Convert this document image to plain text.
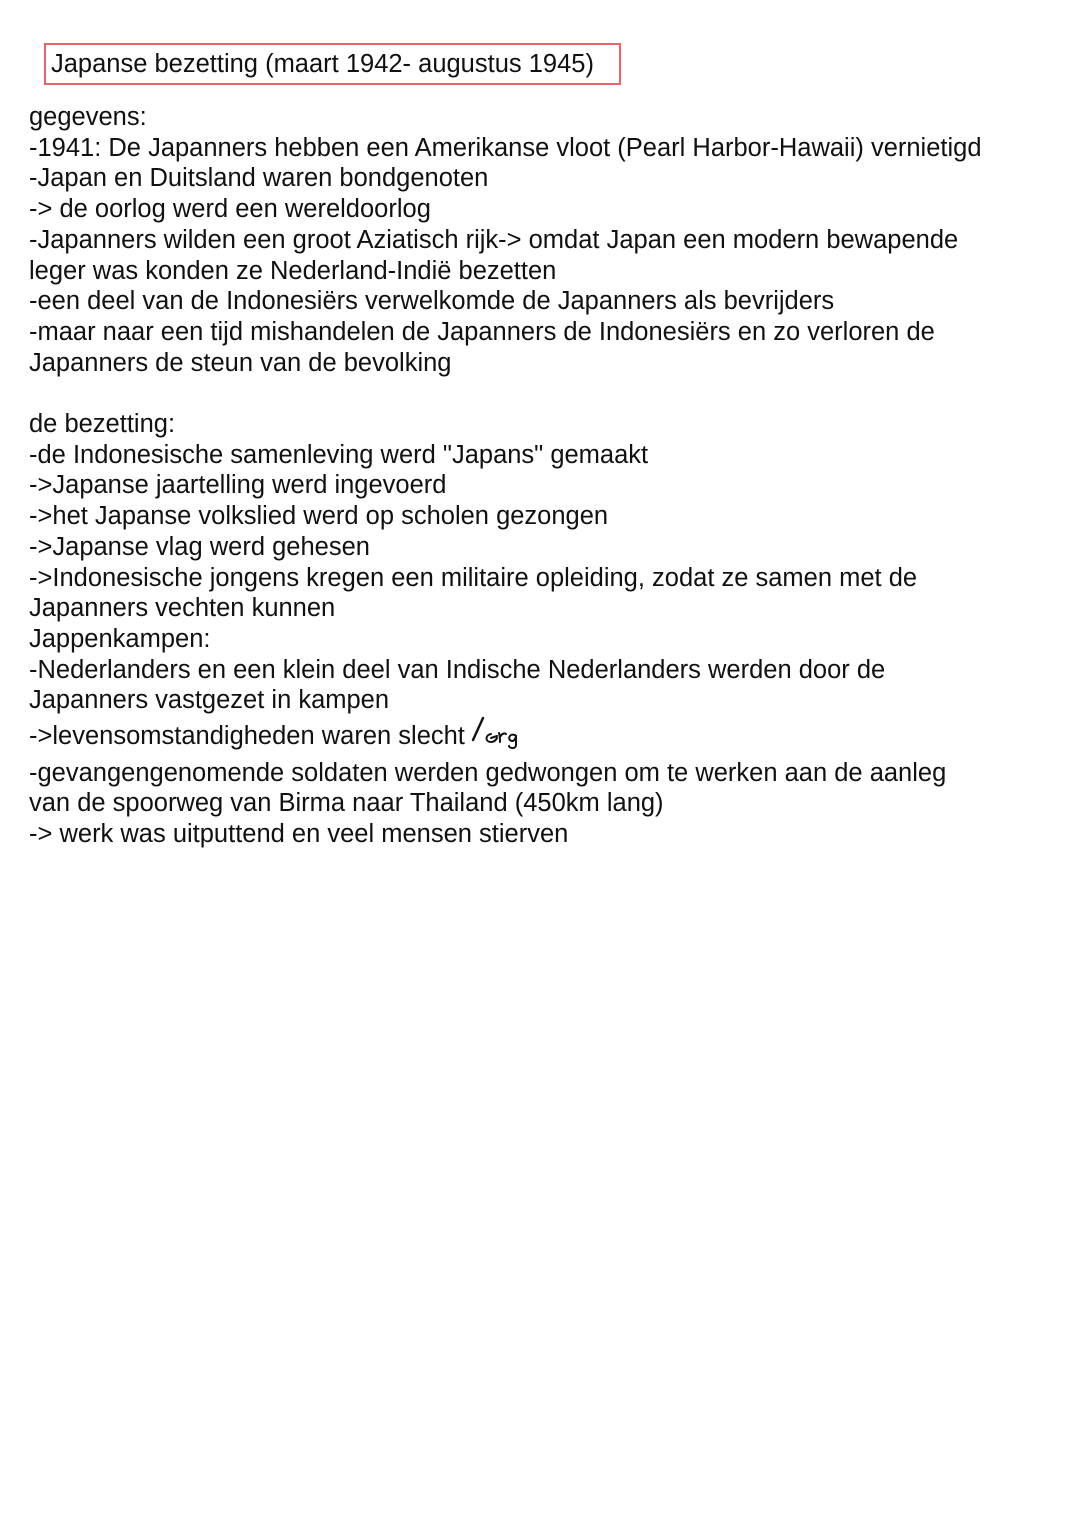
Japanse bezetting (maart 1942- augustus 1945)
gegevens:
-1941: De Japanners hebben een Amerikanse vloot (Pearl Harbor-Hawaii) vernietigd
-Japan en Duitsland waren bondgenoten
-> de oorlog werd een wereldoorlog
-Japanners wilden een groot Aziatisch rijk-> omdat Japan een modern bewapende
leger was konden ze Nederland-Indië bezetten
-een deel van de Indonesiërs verwelkomde de Japanners als bevrijders
-maar naar een tijd mishandelen de Japanners de Indonesiërs en zo verloren de
Japanners de steun van de bevolking
de bezetting:
-de Indonesische samenleving werd "Japans" gemaakt
->Japanse jaartelling werd ingevoerd
->het Japanse volkslied werd op scholen gezongen
->Japanse vlag werd gehesen
->Indonesische jongens kregen een militaire opleiding, zodat ze samen met de
Japanners vechten kunnen
Jappenkampen:
-Nederlanders en een klein deel van Indische Nederlanders werden door de
Japanners vastgezet in kampen
->levensomstandigheden waren slecht
-gevangengenomende soldaten werden gedwongen om te werken aan de aanleg
van de spoorweg van Birma naar Thailand (450km lang)
-> werk was uitputtend en veel mensen stierven
